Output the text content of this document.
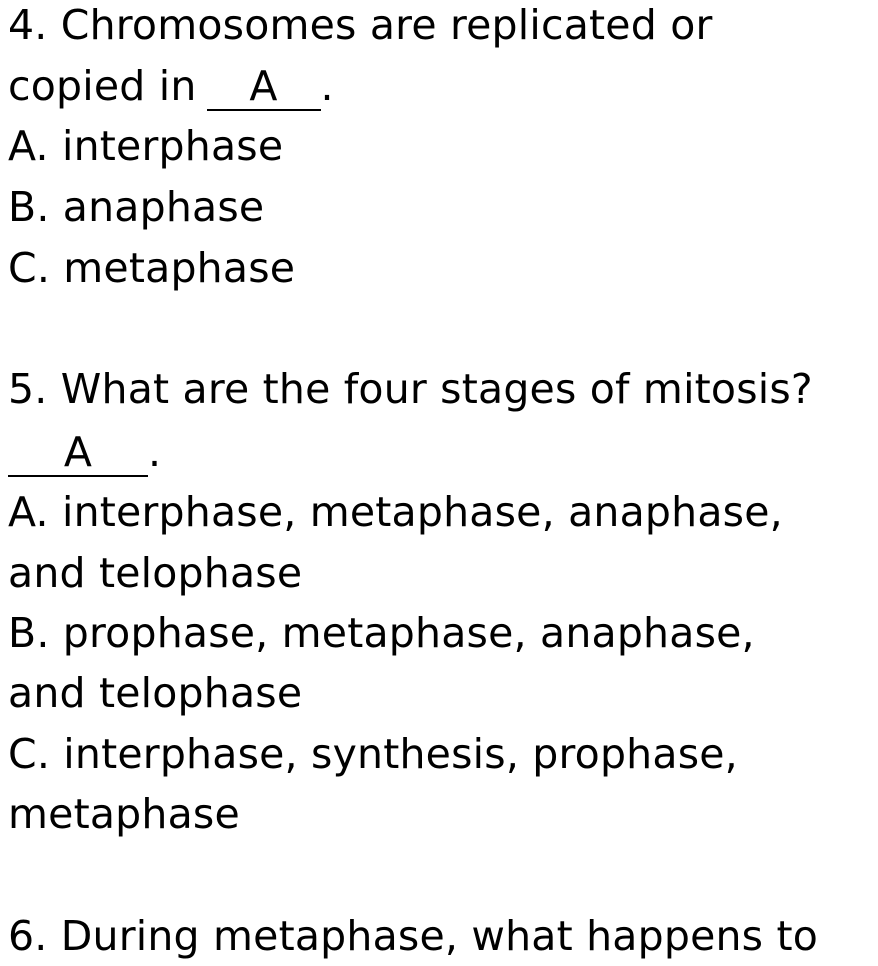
4. Chromosomes are replicated or
copied in A .
A. interphase
B. anaphase
C. metaphase
5. What are the four stages of mitosis?
A .
A. interphase, metaphase, anaphase,
and telophase
B. prophase, metaphase, anaphase,
and telophase
C. interphase, synthesis, prophase,
metaphase
6. During metaphase, what happens to
